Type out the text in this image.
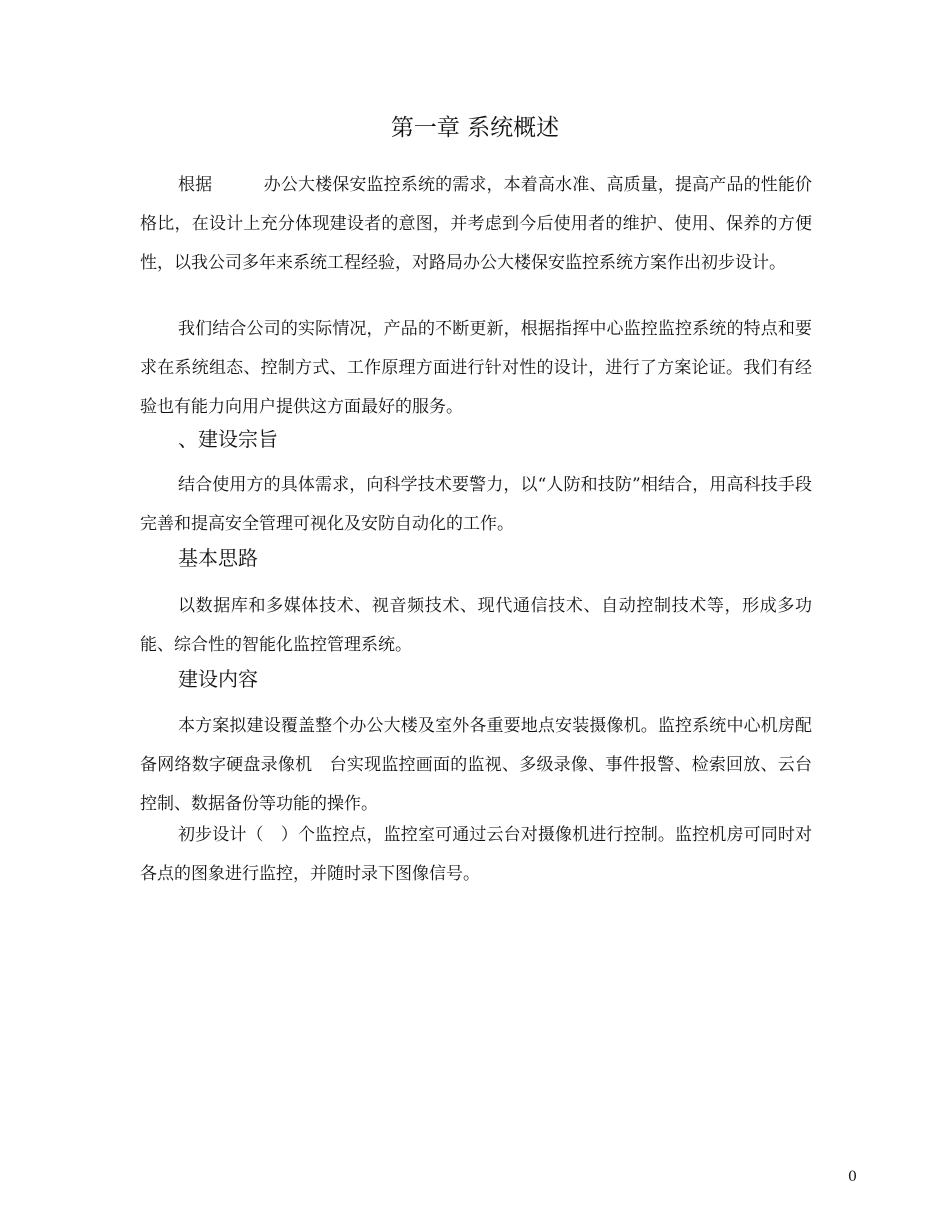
第一章 系统概述

根据　　　办公大楼保安监控系统的需求，本着高水准、高质量，提高产品的性能价格比，在设计上充分体现建设者的意图，并考虑到今后使用者的维护、使用、保养的方便性，以我公司多年来系统工程经验，对路局办公大楼保安监控系统方案作出初步设计。

我们结合公司的实际情况，产品的不断更新，根据指挥中心监控监控系统的特点和要求在系统组态、控制方式、工作原理方面进行针对性的设计，进行了方案论证。我们有经验也有能力向用户提供这方面最好的服务。

、建设宗旨

结合使用方的具体需求，向科学技术要警力，以“人防和技防”相结合，用高科技手段完善和提高安全管理可视化及安防自动化的工作。

基本思路

以数据库和多媒体技术、视音频技术、现代通信技术、自动控制技术等，形成多功能、综合性的智能化监控管理系统。

建设内容

本方案拟建设覆盖整个办公大楼及室外各重要地点安装摄像机。监控系统中心机房配备网络数字硬盘录像机　台实现监控画面的监视、多级录像、事件报警、检索回放、云台控制、数据备份等功能的操作。

初步设计（　）个监控点，监控室可通过云台对摄像机进行控制。监控机房可同时对各点的图象进行监控，并随时录下图像信号。

0
